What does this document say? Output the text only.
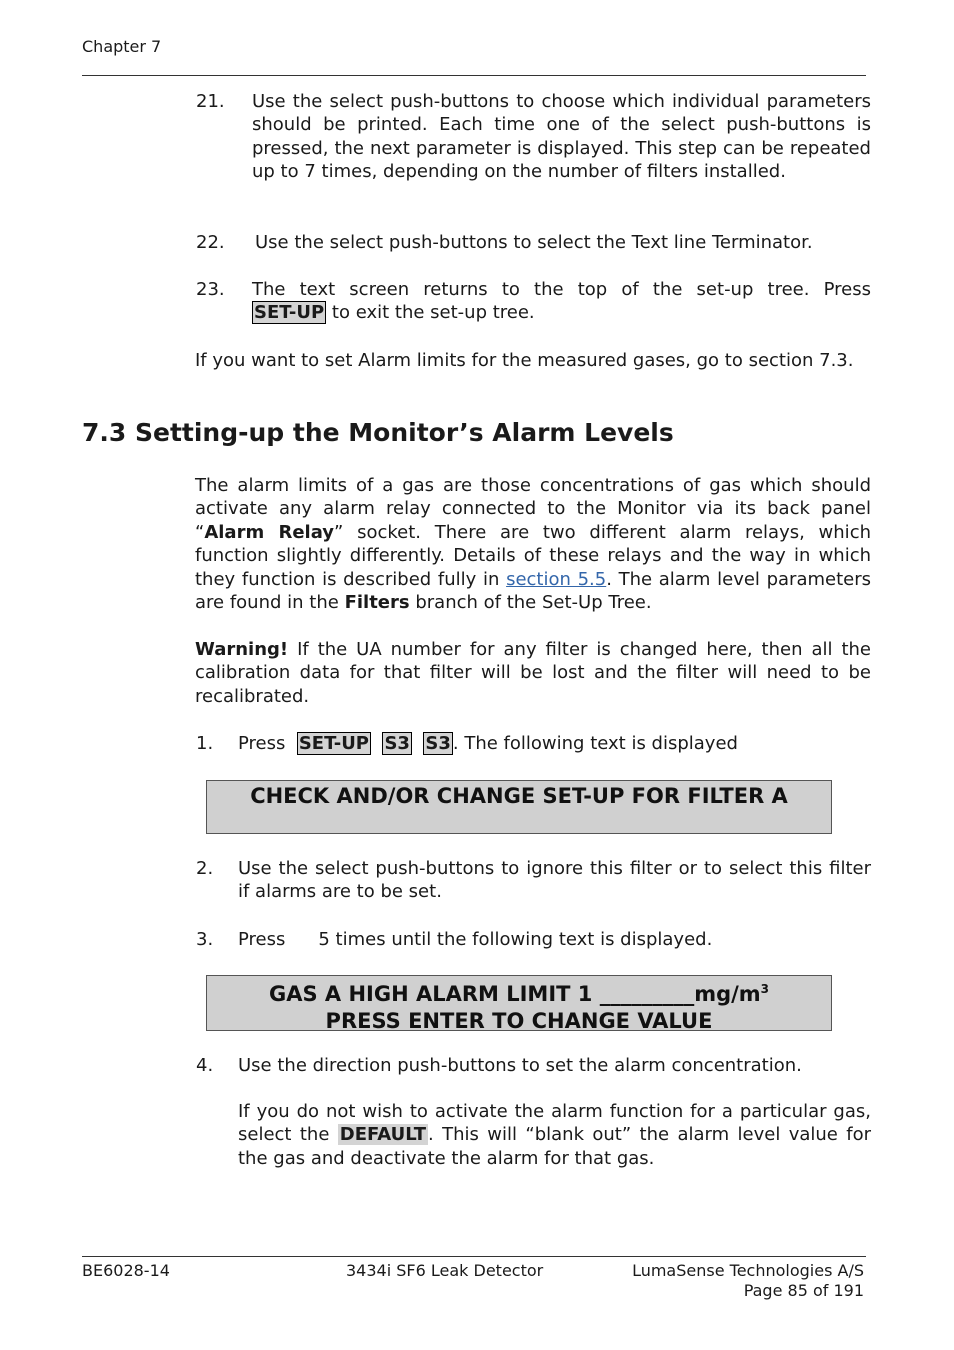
Chapter 7
21. Use the select push-buttons to choose which individual parameters should be printed. Each time one of the select push-buttons is pressed, the next parameter is displayed. This step can be repeated up to 7 times, depending on the number of filters installed.
22. Use the select push-buttons to select the Text line Terminator.
23. The text screen returns to the top of the set-up tree. Press
SET-UP to exit the set-up tree.
If you want to set Alarm limits for the measured gases, go to section 7.3.
7.3 Setting-up the Monitor’s Alarm Levels
The alarm limits of a gas are those concentrations of gas which should activate any alarm relay connected to the Monitor via its back panel “Alarm Relay” socket. There are two different alarm relays, which function slightly differently. Details of these relays and the way in which they function is described fully in section 5.5. The alarm level parameters are found in the Filters branch of the Set-Up Tree.
Warning! If the UA number for any filter is changed here, then all the calibration data for that filter will be lost and the filter will need to be recalibrated.
1. Press SET-UP S3 S3 . The following text is displayed
CHECK AND/OR CHANGE SET-UP FOR FILTER A
2. Use the select push-buttons to ignore this filter or to select this filter if alarms are to be set.
3. Press 5 times until the following text is displayed.
GAS A HIGH ALARM LIMIT 1 $\_\_\_\_\_\_\_\_\_mg/m^3$
PRESS ENTER TO CHANGE VALUE
4. Use the direction push-buttons to set the alarm concentration.
If you do not wish to activate the alarm function for a particular gas, select the DEFAULT . This will “blank out” the alarm level value for the gas and deactivate the alarm for that gas.
BE6028-14	3434i SF6 Leak Detector	LumaSense Technologies A/S
Page 85 of 191
